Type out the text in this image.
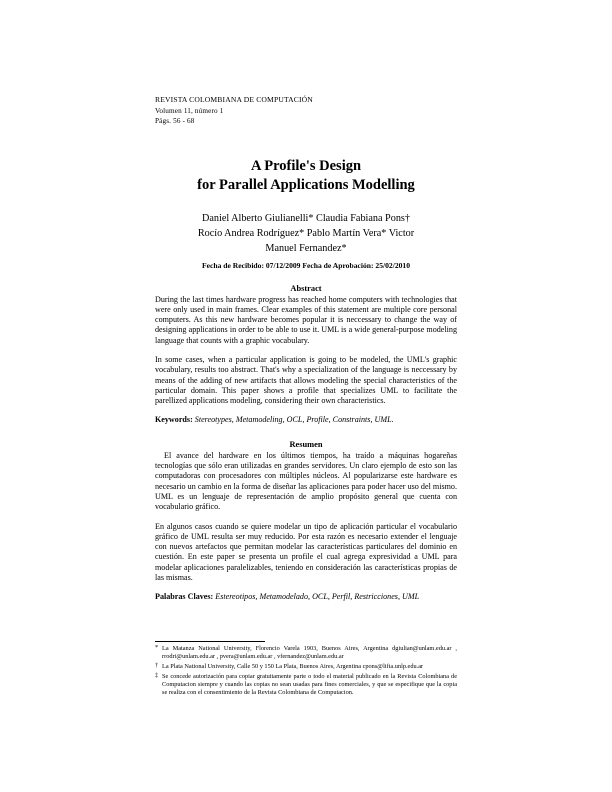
REVISTA COLOMBIANA DE COMPUTACIÓN
Volumen 11, número 1
Págs. 56 - 68
A Profile's Design
for Parallel Applications Modelling
Daniel Alberto Giulianelli* Claudia Fabiana Pons†
Rocío Andrea Rodríguez* Pablo Martín Vera* Victor
Manuel Fernandez*
Fecha de Recibido: 07/12/2009 Fecha de Aprobación: 25/02/2010
Abstract

During the last times hardware progress has reached home computers with technologies that were only used in main frames. Clear examples of this statement are multiple core personal computers. As this new hardware becomes popular it is neccessary to change the way of designing applications in order to be able to use it. UML is a wide general-purpose modeling language that counts with a graphic vocabulary.

In some cases, when a particular application is going to be modeled, the UML's graphic vocabulary, results too abstract. That's why a specialization of the language is neccessary by means of the adding of new artifacts that allows modeling the special characteristics of the particular domain. This paper shows a profile that specializes UML to facilitate the parellized applications modeling, considering their own characteristics.

Keywords: Stereotypes, Metamodeling, OCL, Profile, Constraints, UML.

Resumen

El avance del hardware en los últimos tiempos, ha traído a máquinas hogareñas tecnologías que sólo eran utilizadas en grandes servidores. Un claro ejemplo de esto son las computadoras con procesadores con múltiples núcleos. Al popularizarse este hardware es necesario un cambio en la forma de diseñar las aplicaciones para poder hacer uso del mismo. UML es un lenguaje de representación de amplio propósito general que cuenta con vocabulario gráfico.

En algunos casos cuando se quiere modelar un tipo de aplicación particular el vocabulario gráfico de UML resulta ser muy reducido. Por esta razón es necesario extender el lenguaje con nuevos artefactos que permitan modelar las características particulares del dominio en cuestión. En este paper se presenta un profile el cual agrega expresividad a UML para modelar aplicaciones paralelizables, teniendo en consideración las características propias de las mismas.

Palabras Claves: Estereotipos, Metamodelado, OCL, Perfil, Restricciones, UML

* La Matanza National University, Florencio Varela 1903, Buenos Aires, Argentina dgiulian@unlam.edu.ar , rrodri@unlam.edu.ar , pvera@unlam.edu.ar , vfernandez@unlam.edu.ar
† La Plata National University, Calle 50 y 150 La Plata, Buenos Aires, Argentina cpons@lifia.unlp.edu.ar
‡ Se concede autorización para copiar gratuitamente parte o todo el material publicado en la Revista Colombiana de Computacion siempre y cuando las copias no sean usadas para fines comerciales, y que se especifique que la copia se realiza con el consentimiento de la Revista Colombiana de Computacion.
